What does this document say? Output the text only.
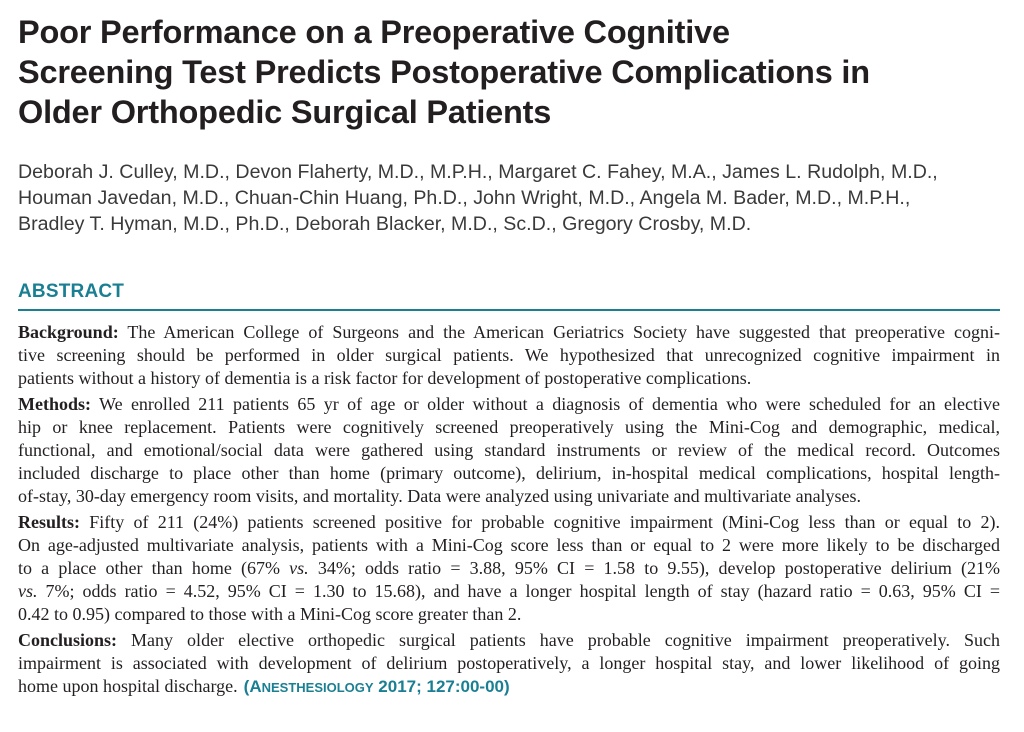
Poor Performance on a Preoperative Cognitive
Screening Test Predicts Postoperative Complications in
Older Orthopedic Surgical Patients
Deborah J. Culley, M.D., Devon Flaherty, M.D., M.P.H., Margaret C. Fahey, M.A., James L. Rudolph, M.D.,
Houman Javedan, M.D., Chuan-Chin Huang, Ph.D., John Wright, M.D., Angela M. Bader, M.D., M.P.H.,
Bradley T. Hyman, M.D., Ph.D., Deborah Blacker, M.D., Sc.D., Gregory Crosby, M.D.
ABSTRACT
Background: The American College of Surgeons and the American Geriatrics Society have suggested that preoperative cogni-
tive screening should be performed in older surgical patients. We hypothesized that unrecognized cognitive impairment in
patients without a history of dementia is a risk factor for development of postoperative complications.
Methods: We enrolled 211 patients 65 yr of age or older without a diagnosis of dementia who were scheduled for an elective
hip or knee replacement. Patients were cognitively screened preoperatively using the Mini-Cog and demographic, medical,
functional, and emotional/social data were gathered using standard instruments or review of the medical record. Outcomes
included discharge to place other than home (primary outcome), delirium, in-hospital medical complications, hospital length-
of-stay, 30-day emergency room visits, and mortality. Data were analyzed using univariate and multivariate analyses.
Results: Fifty of 211 (24%) patients screened positive for probable cognitive impairment (Mini-Cog less than or equal to 2).
On age-adjusted multivariate analysis, patients with a Mini-Cog score less than or equal to 2 were more likely to be discharged
to a place other than home (67% vs. 34%; odds ratio = 3.88, 95% CI = 1.58 to 9.55), develop postoperative delirium (21%
vs. 7%; odds ratio = 4.52, 95% CI = 1.30 to 15.68), and have a longer hospital length of stay (hazard ratio = 0.63, 95% CI =
0.42 to 0.95) compared to those with a Mini-Cog score greater than 2.
Conclusions: Many older elective orthopedic surgical patients have probable cognitive impairment preoperatively. Such
impairment is associated with development of delirium postoperatively, a longer hospital stay, and lower likelihood of going
home upon hospital discharge. (ANESTHESIOLOGY 2017; 127:00-00)
